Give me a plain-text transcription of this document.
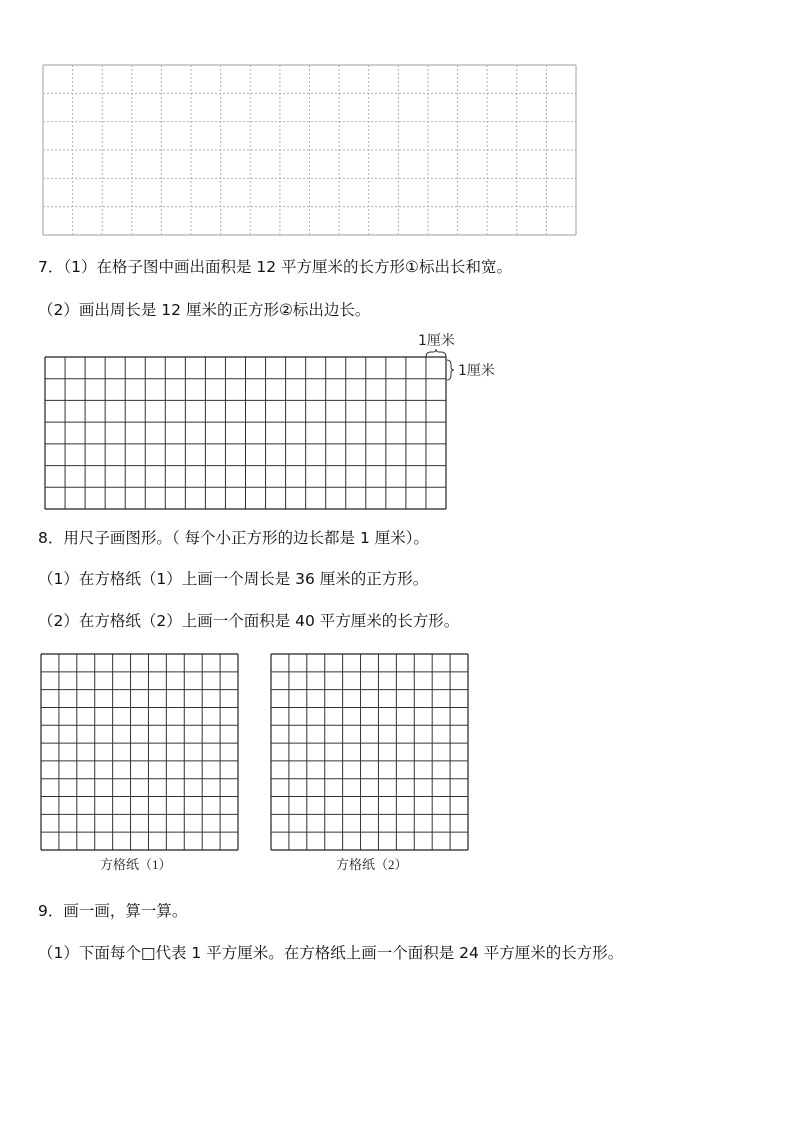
7．（1）在格子图中画出面积是 12 平方厘米的长方形①标出长和宽。
（2）画出周长是 12 厘米的正方形②标出边长。
1厘米
1厘米
8．用尺子画图形。（ 每个小正方形的边长都是 1 厘米）。
（1）在方格纸（1）上画一个周长是 36 厘米的正方形。
（2）在方格纸（2）上画一个面积是 40 平方厘米的长方形。
方格纸（1）	方格纸（2）
9．画一画，算一算。
（1）下面每个□代表 1 平方厘米。在方格纸上画一个面积是 24 平方厘米的长方形。
